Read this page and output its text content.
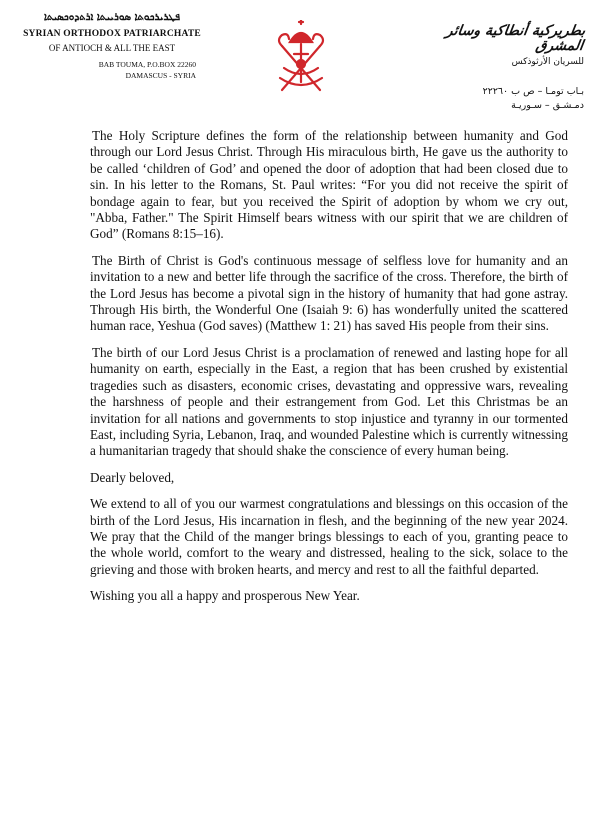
ܦܛܪܝܪܟܘܬܐ ܣܘܪܝܝܬܐ ܐܪܬܕܘܟܣܝܬܐ
SYRIAN ORTHODOX PATRIARCHATE
OF ANTIOCH & ALL THE EAST
BAB TOUMA, P.O.BOX 22260
DAMASCUS - SYRIA
بطريركية أنطاكية وسائر المشرق
للسريان الأرثوذكس
بـاب تومـا – ص ب ٢٢٢٦٠
دمـشـق – سـوريـة

The Holy Scripture defines the form of the relationship between humanity and God through our Lord Jesus Christ. Through His miraculous birth, He gave us the authority to be called ‘children of God’ and opened the door of adoption that had been closed due to sin. In his letter to the Romans, St. Paul writes: “For you did not receive the spirit of bondage again to fear, but you received the Spirit of adoption by whom we cry out, "Abba, Father." The Spirit Himself bears witness with our spirit that we are children of God” (Romans 8:15–16).

The Birth of Christ is God's continuous message of selfless love for humanity and an invitation to a new and better life through the sacrifice of the cross. Therefore, the birth of the Lord Jesus has become a pivotal sign in the history of humanity that had gone astray. Through His birth, the Wonderful One (Isaiah 9: 6) has wonderfully united the scattered human race, Yeshua (God saves) (Matthew 1: 21) has saved His people from their sins.

The birth of our Lord Jesus Christ is a proclamation of renewed and lasting hope for all humanity on earth, especially in the East, a region that has been crushed by existential tragedies such as disasters, economic crises, devastating and oppressive wars, revealing the harshness of people and their estrangement from God. Let this Christmas be an invitation for all nations and governments to stop injustice and tyranny in our tormented East, including Syria, Lebanon, Iraq, and wounded Palestine which is currently witnessing a humanitarian tragedy that should shake the conscience of every human being.

Dearly beloved,

We extend to all of you our warmest congratulations and blessings on this occasion of the birth of the Lord Jesus, His incarnation in flesh, and the beginning of the new year 2024. We pray that the Child of the manger brings blessings to each of you, granting peace to the whole world, comfort to the weary and distressed, healing to the sick, solace to the grieving and those with broken hearts, and mercy and rest to all the faithful departed.

Wishing you all a happy and prosperous New Year.
